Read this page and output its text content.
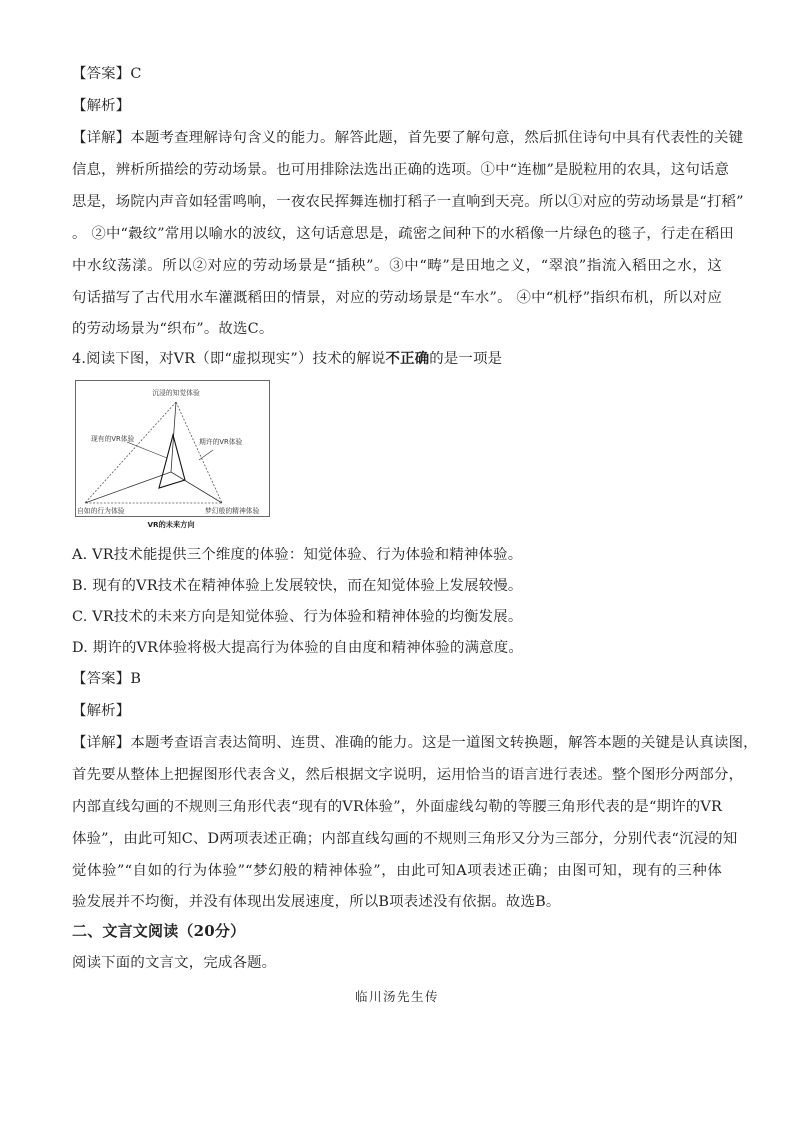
【答案】C
【解析】
【详解】本题考查理解诗句含义的能力。解答此题，首先要了解句意，然后抓住诗句中具有代表性的关键
信息，辨析所描绘的劳动场景。也可用排除法选出正确的选项。①中“连枷”是脱粒用的农具，这句话意
思是，场院内声音如轻雷鸣响，一夜农民挥舞连枷打稻子一直响到天亮。所以①对应的劳动场景是“打稻”
。 ②中“縠纹”常用以喻水的波纹，这句话意思是，疏密之间种下的水稻像一片绿色的毯子，行走在稻田
中水纹荡漾。所以②对应的劳动场景是“插秧”。③中“畴”是田地之义，“翠浪”指流入稻田之水，这
句话描写了古代用水车灌溉稻田的情景，对应的劳动场景是“车水”。 ④中“机杼”指织布机，所以对应
的劳动场景为“织布”。故选C。
4.阅读下图，对VR（即“虚拟现实”）技术的解说不正确的是一项是
沉浸的知觉体验
现有的VR体验	期许的VR体验
自如的行为体验	梦幻般的精神体验
VR的未来方向
A. VR技术能提供三个维度的体验：知觉体验、行为体验和精神体验。
B. 现有的VR技术在精神体验上发展较快，而在知觉体验上发展较慢。
C. VR技术的未来方向是知觉体验、行为体验和精神体验的均衡发展。
D. 期许的VR体验将极大提高行为体验的自由度和精神体验的满意度。
【答案】B
【解析】
【详解】本题考查语言表达简明、连贯、准确的能力。这是一道图文转换题，解答本题的关键是认真读图，
首先要从整体上把握图形代表含义，然后根据文字说明，运用恰当的语言进行表述。整个图形分两部分，
内部直线勾画的不规则三角形代表“现有的VR体验”，外面虚线勾勒的等腰三角形代表的是“期许的VR
体验”，由此可知C、D两项表述正确；内部直线勾画的不规则三角形又分为三部分，分别代表“沉浸的知
觉体验”“自如的行为体验”“梦幻般的精神体验”，由此可知A项表述正确；由图可知，现有的三种体
验发展并不均衡，并没有体现出发展速度，所以B项表述没有依据。故选B。
二、文言文阅读（20分）
阅读下面的文言文，完成各题。
临川汤先生传
